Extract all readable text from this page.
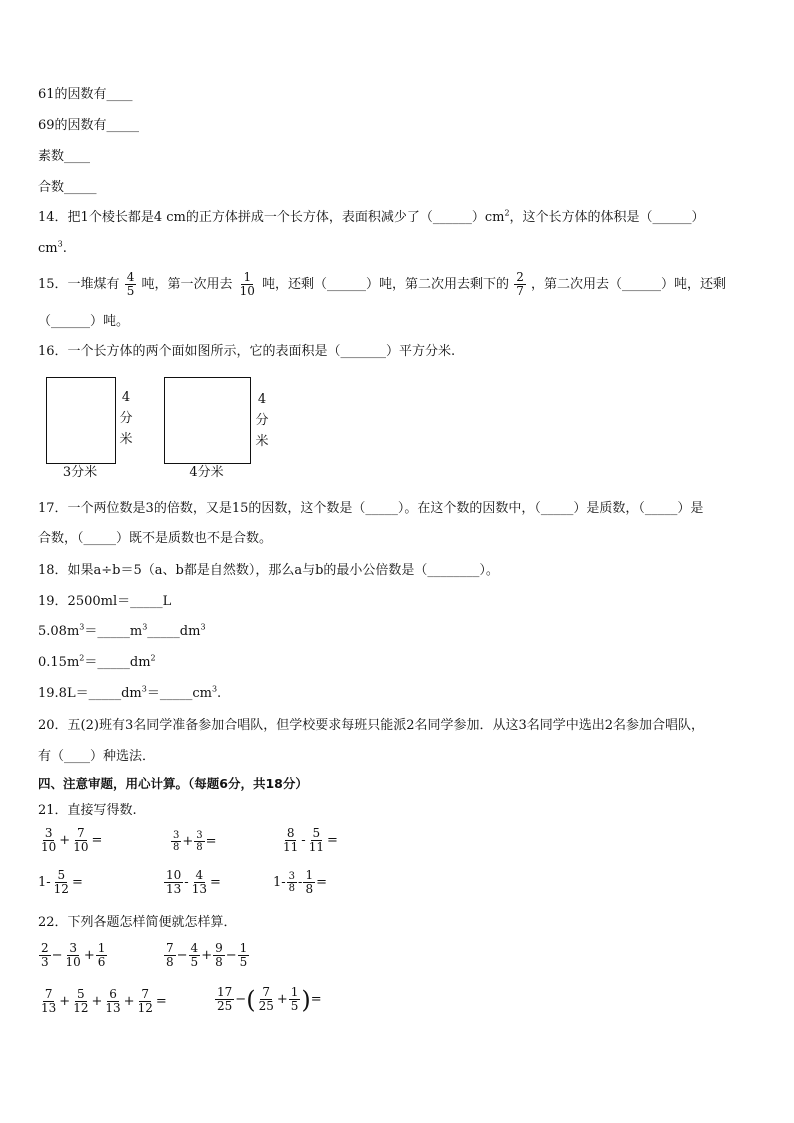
61的因数有____
69的因数有_____
素数____
合数_____
14．把1个棱长都是4 cm的正方体拼成一个长方体，表面积减少了$(\_\_\_\_\_\_)cm^2$，这个长方体的体积是（______）
$cm^3$.
15．一堆煤有 $\frac{4}{5}$ 吨，第一次用去 $\frac{1}{10}$ 吨，还剩（______）吨，第二次用去剩下的 $\frac{2}{7}$ ，第二次用去（______）吨，还剩
（______）吨。
16．一个长方体的两个面如图所示，它的表面积是（_______）平方分米.
4
分
米
3分米
4
分
米
4分米
17．一个两位数是3的倍数，又是15的因数，这个数是（_____）。在这个数的因数中，（_____）是质数，（_____）是
合数，（_____）既不是质数也不是合数。
18．如果a÷b＝5（a、b都是自然数），那么a与b的最小公倍数是（________）。
19．2500ml＝_____L
$5.08m^3=\_\_\_\_\_m^3\_\_\_\_\_dm^3$
$0.15m^2=\_\_\_\_\_dm^2$
$19.8L=\_\_\_\_\_dm^3=\_\_\_\_\_cm^3$.
20．五(2)班有3名同学准备参加合唱队，但学校要求每班只能派2名同学参加．从这3名同学中选出2名参加合唱队，
有（____）种选法．
四、注意审题，用心计算。（每题6分，共18分）
21．直接写得数.
$\frac{3}{10} + \frac{7}{10}$ =	$\frac{3}{8} + \frac{3}{8}$ =	$\frac{8}{11} - \frac{5}{11}$ =
$1- \frac{5}{12}$ =	$\frac{10}{13} - \frac{4}{13}$ =	$1- \frac{3}{8} - \frac{1}{8}$ =
22．下列各题怎样简便就怎样算．
$\frac{2}{3} - \frac{3}{10} + \frac{1}{6}$	$\frac{7}{8} - \frac{4}{5} + \frac{9}{8} - \frac{1}{5}$
$\frac{7}{13} + \frac{5}{12} + \frac{6}{13} + \frac{7}{12}$ =	$\frac{17}{25}$ − ( $\frac{7}{25} + \frac{1}{5}$ ) =
